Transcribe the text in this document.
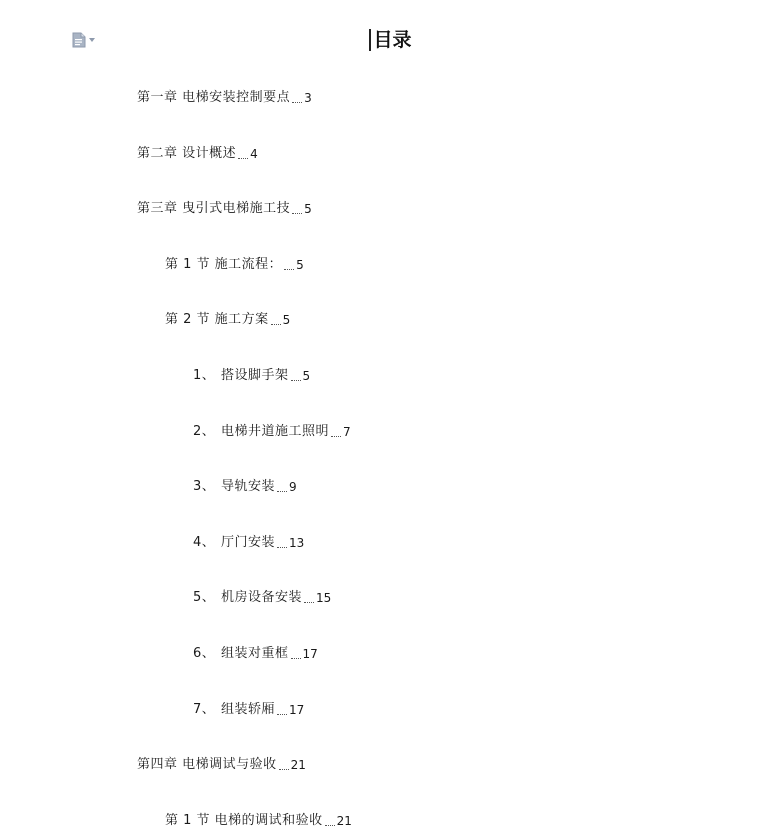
目录
第一章 电梯安装控制要点 3
第二章 设计概述 4
第三章 曳引式电梯施工技 5
第 1 节 施工流程： 5
第 2 节 施工方案 5
1、 搭设脚手架 5
2、 电梯井道施工照明 7
3、 导轨安装 9
4、 厅门安装 13
5、 机房设备安装 15
6、 组装对重框 17
7、 组装轿厢 17
第四章 电梯调试与验收 21
第 1 节 电梯的调试和验收 21
